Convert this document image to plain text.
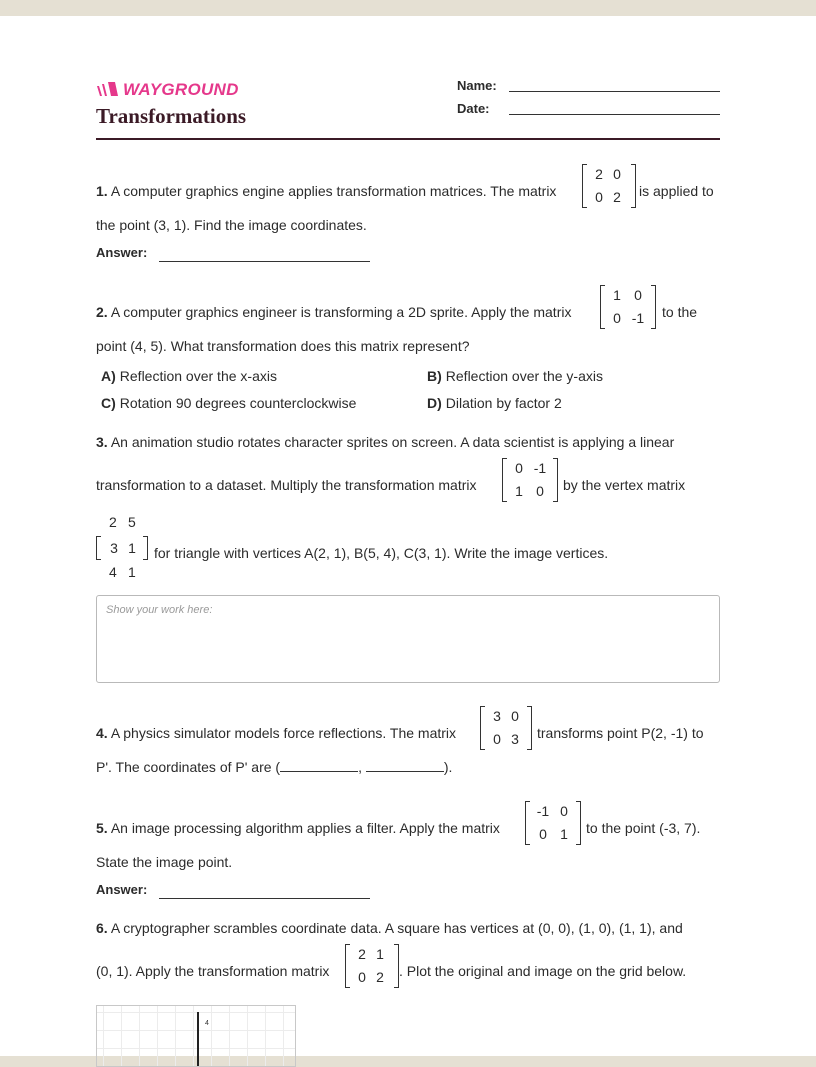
WAYGROUND
Transformations
Name:
Date:
1. A computer graphics engine applies transformation matrices. The matrix
2 0
0 2 is applied to
the point (3, 1). Find the image coordinates.
Answer:
2. A computer graphics engineer is transforming a 2D sprite. Apply the matrix
1 0
0 -1 to the
point (4, 5). What transformation does this matrix represent?
A) Reflection over the x-axis	B) Reflection over the y-axis
C) Rotation 90 degrees counterclockwise	D) Dilation by factor 2
3. An animation studio rotates character sprites on screen. A data scientist is applying a linear
transformation to a dataset. Multiply the transformation matrix
0 -1
1 0	by the vertex matrix
2 5
3 1
4 1
for triangle with vertices A(2, 1), B(5, 4), C(3, 1). Write the image vertices.
Show your work here:
4. A physics simulator models force reflections. The matrix
3 0
0 3 transforms point P(2, -1) to
P'. The coordinates of P' are (	,	).
5. An image processing algorithm applies a filter. Apply the matrix
-1 0
0 1 to the point (-3, 7).
State the image point.
Answer:
6. A cryptographer scrambles coordinate data. A square has vertices at (0, 0), (1, 0), (1, 1), and
(0, 1). Apply the transformation matrix
2 1
0 2 . Plot the original and image on the grid below.
4
